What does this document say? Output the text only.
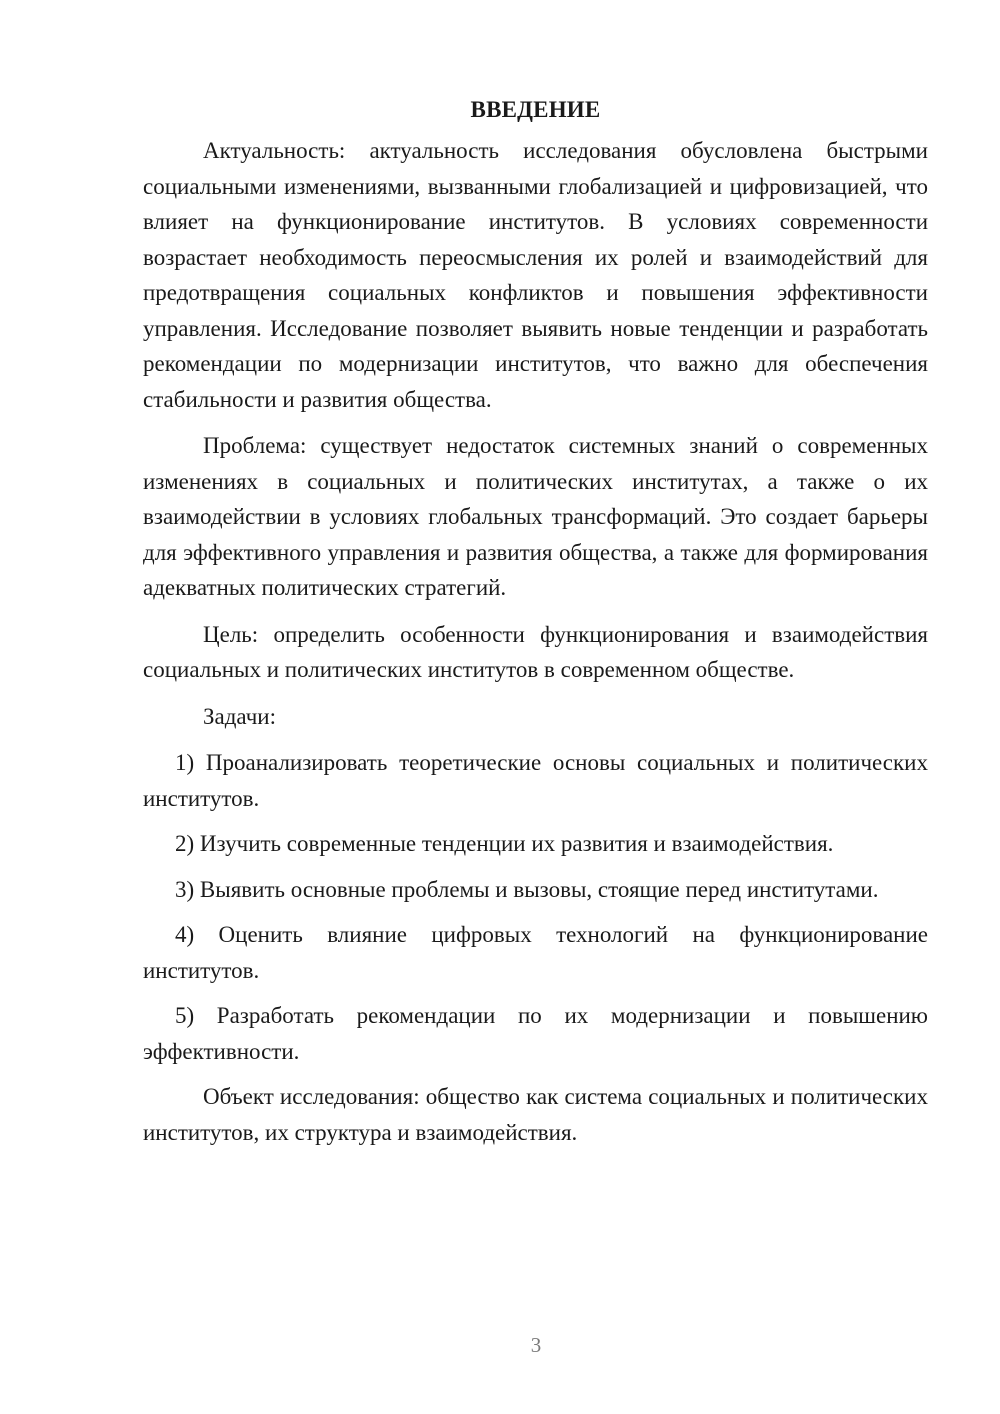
ВВЕДЕНИЕ

Актуальность: актуальность исследования обусловлена быстрыми социальными изменениями, вызванными глобализацией и цифровизацией, что влияет на функционирование институтов. В условиях современности возрастает необходимость переосмысления их ролей и взаимодействий для предотвращения социальных конфликтов и повышения эффективности управления. Исследование позволяет выявить новые тенденции и разработать рекомендации по модернизации институтов, что важно для обеспечения стабильности и развития общества.

Проблема: существует недостаток системных знаний о современных изменениях в социальных и политических институтах, а также о их взаимодействии в условиях глобальных трансформаций. Это создает барьеры для эффективного управления и развития общества, а также для формирования адекватных политических стратегий.

Цель: определить особенности функционирования и взаимодействия социальных и политических институтов в современном обществе.

Задачи:

1) Проанализировать теоретические основы социальных и политических институтов.

2) Изучить современные тенденции их развития и взаимодействия.

3) Выявить основные проблемы и вызовы, стоящие перед институтами.

4) Оценить влияние цифровых технологий на функционирование институтов.

5) Разработать рекомендации по их модернизации и повышению эффективности.

Объект исследования: общество как система социальных и политических институтов, их структура и взаимодействия.

3
